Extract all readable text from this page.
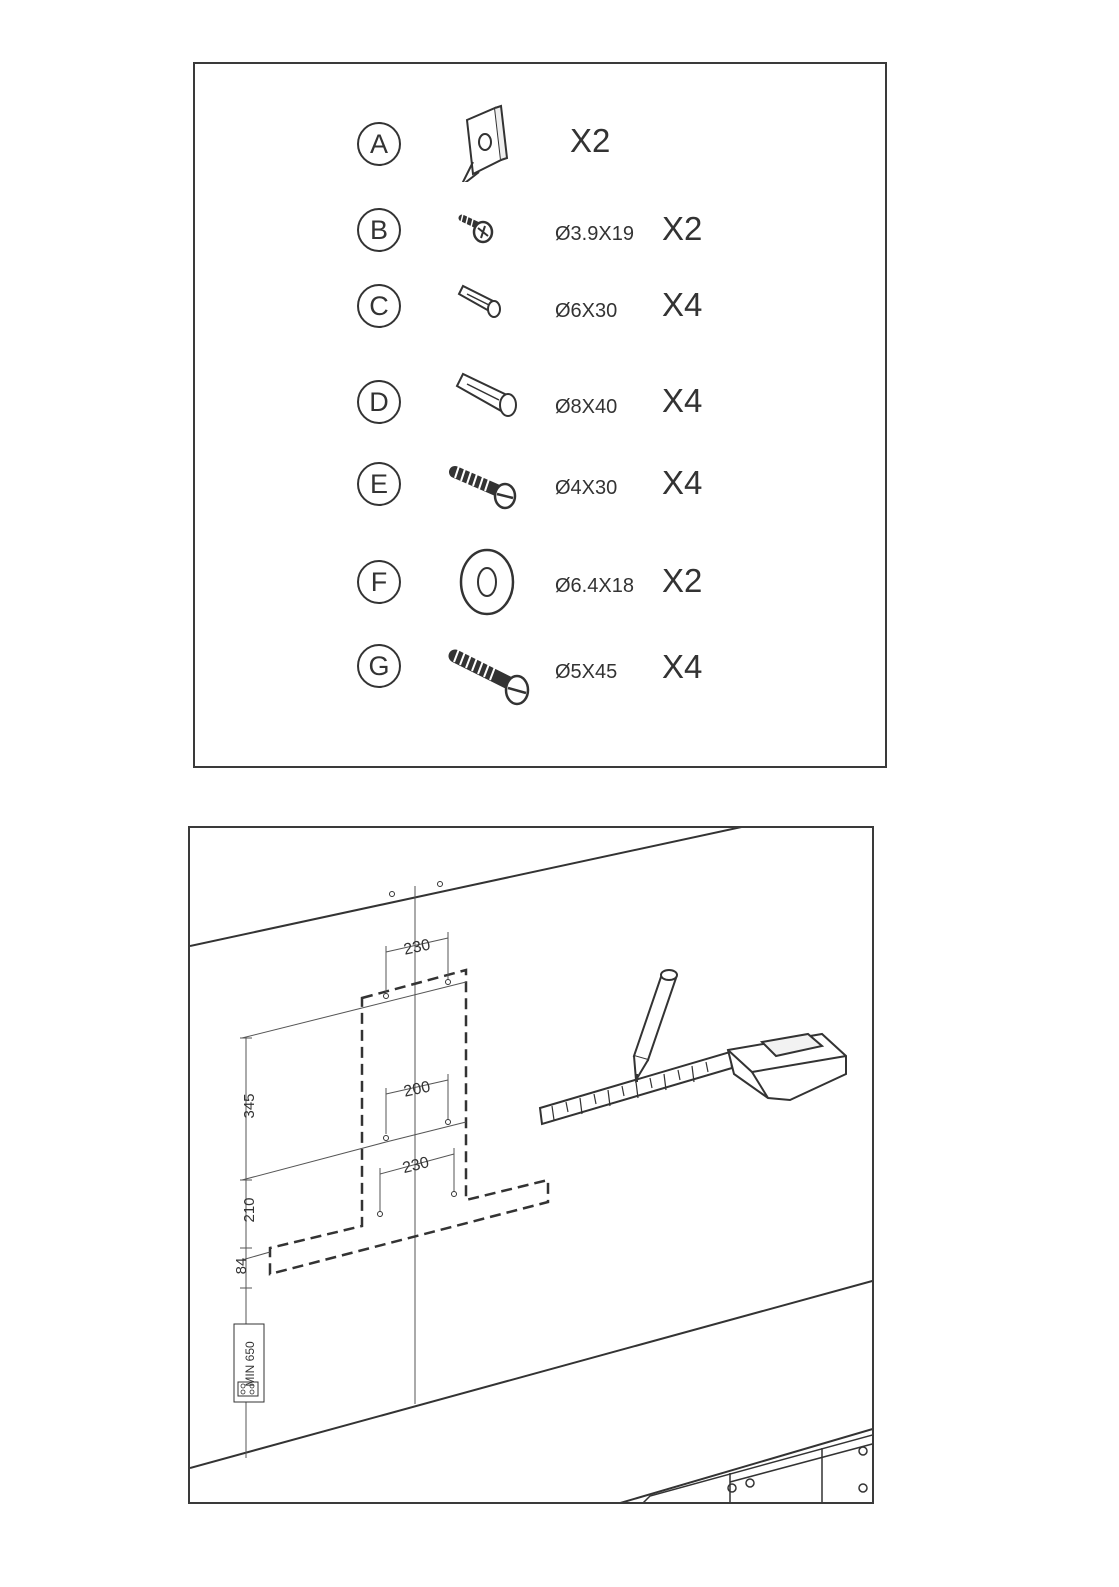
A	X2
B	Ø3.9X19 X2
C	Ø6X30 X4
D	Ø8X40 X4
E	Ø4X30 X4
F	Ø6.4X18 X2
G	Ø5X45 X4
345
210
84
MIN 650
230
200
230
